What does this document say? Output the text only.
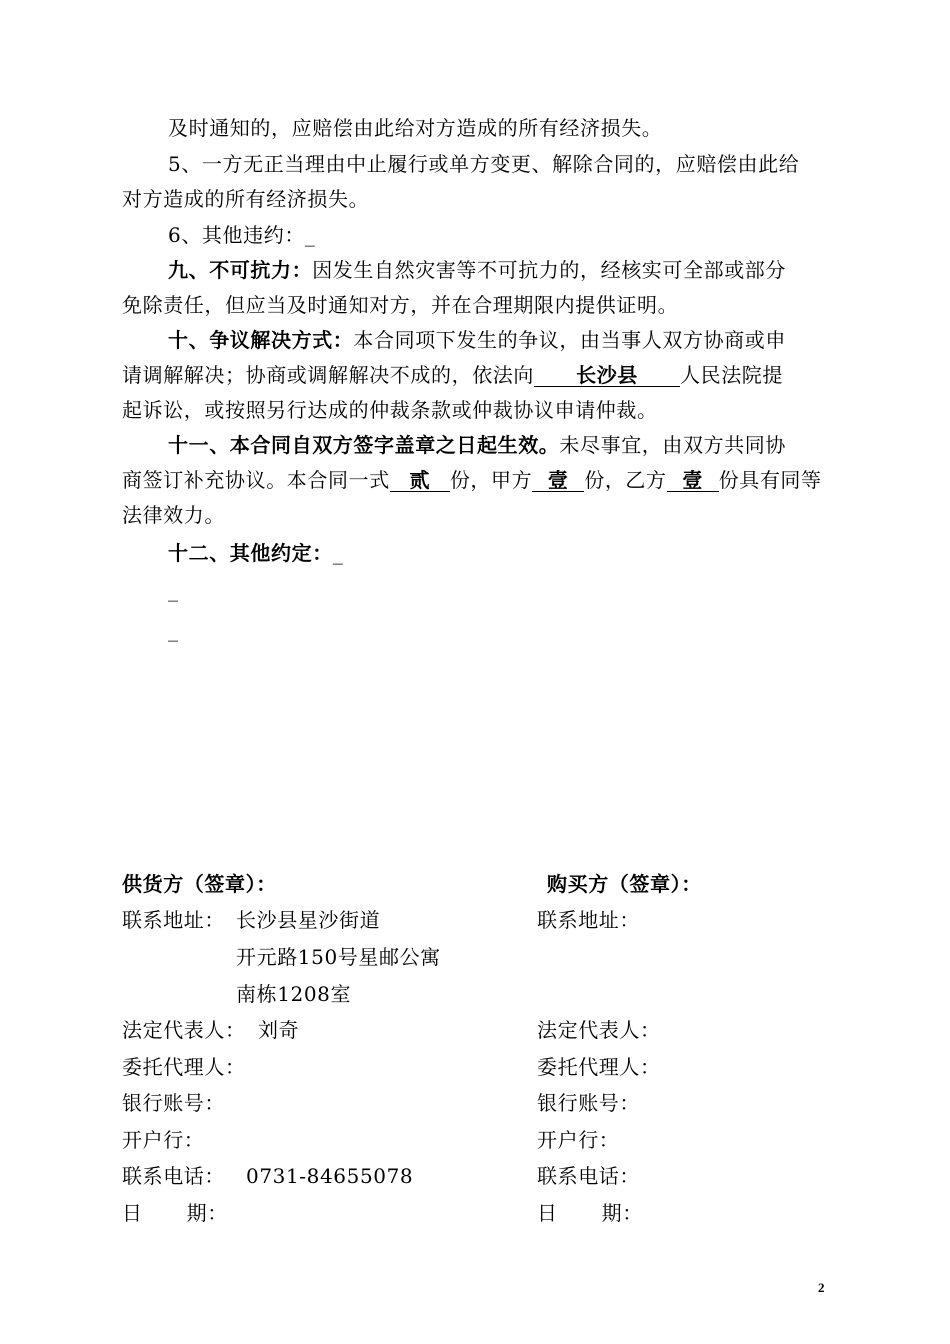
及时通知的，应赔偿由此给对方造成的所有经济损失。
5、一方无正当理由中止履行或单方变更、解除合同的，应赔偿由此给
对方造成的所有经济损失。
6、其他违约：_
九、不可抗力：因发生自然灾害等不可抗力的，经核实可全部或部分
免除责任，但应当及时通知对方，并在合理期限内提供证明。
十、争议解决方式：本合同项下发生的争议，由当事人双方协商或申
请调解解决；协商或调解解决不成的，依法向 长沙县 人民法院提
起诉讼，或按照另行达成的仲裁条款或仲裁协议申请仲裁。
十一、本合同自双方签字盖章之日起生效。未尽事宜，由双方共同协
商签订补充协议。本合同一式 贰 份，甲方 壹 份，乙方 壹 份具有同等
法律效力。
十二、其他约定：_
_
_
供货方（签章）：
联系地址： 长沙县星沙街道
开元路150号星邮公寓
南栋1208室
法定代表人： 刘奇
委托代理人：
银行账号：
开户行：
联系电话： 0731-84655078
日 期：
购买方（签章）：
联系地址：
法定代表人：
委托代理人：
银行账号：
开户行：
联系电话：
日 期：
2
